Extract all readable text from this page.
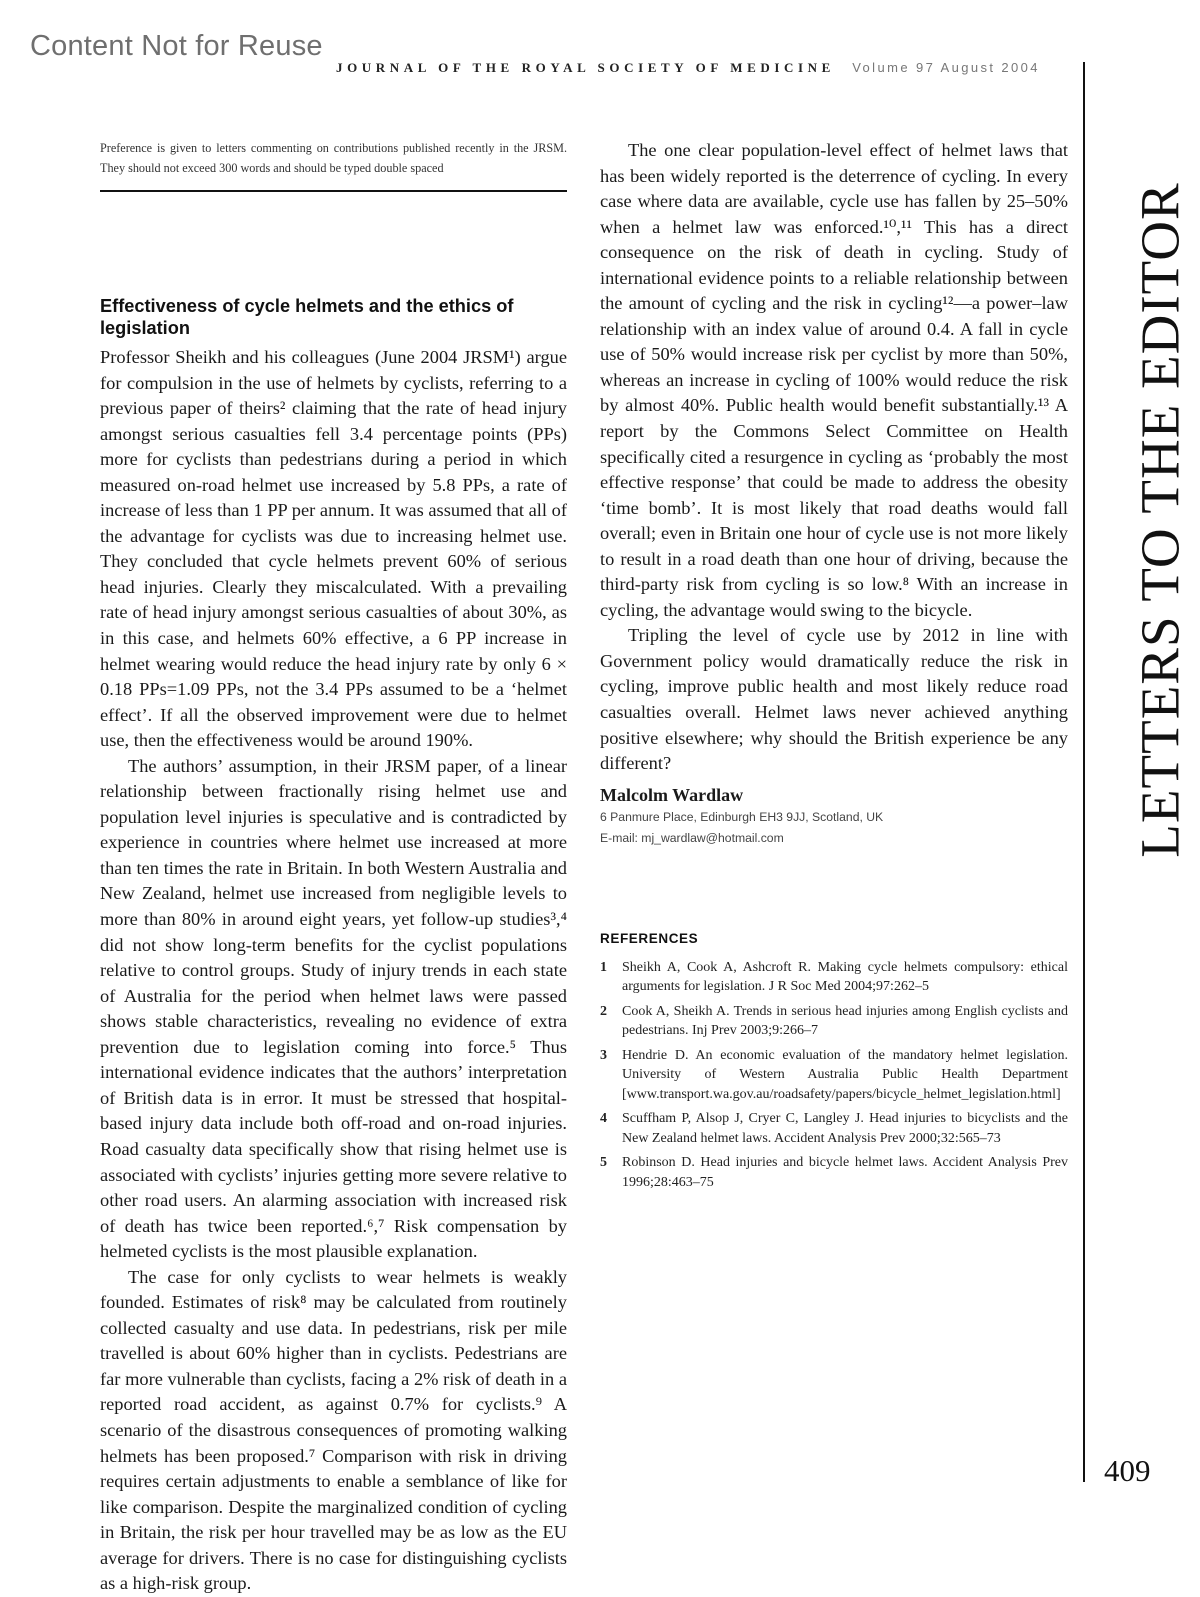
Content Not for Reuse
JOURNAL OF THE ROYAL SOCIETY OF MEDICINE Volume 97 August 2004
LETTERS TO THE EDITOR
409

Preference is given to letters commenting on contributions published recently in the JRSM. They should not exceed 300 words and should be typed double spaced

Effectiveness of cycle helmets and the ethics of legislation

Professor Sheikh and his colleagues (June 2004 JRSM¹) argue for compulsion in the use of helmets by cyclists, referring to a previous paper of theirs² claiming that the rate of head injury amongst serious casualties fell 3.4 percentage points (PPs) more for cyclists than pedestrians during a period in which measured on-road helmet use increased by 5.8 PPs, a rate of increase of less than 1 PP per annum. It was assumed that all of the advantage for cyclists was due to increasing helmet use. They concluded that cycle helmets prevent 60% of serious head injuries. Clearly they miscalculated. With a prevailing rate of head injury amongst serious casualties of about 30%, as in this case, and helmets 60% effective, a 6 PP increase in helmet wearing would reduce the head injury rate by only 6 × 0.18 PPs=1.09 PPs, not the 3.4 PPs assumed to be a ‘helmet effect’. If all the observed improvement were due to helmet use, then the effectiveness would be around 190%.

The authors’ assumption, in their JRSM paper, of a linear relationship between fractionally rising helmet use and population level injuries is speculative and is contradicted by experience in countries where helmet use increased at more than ten times the rate in Britain. In both Western Australia and New Zealand, helmet use increased from negligible levels to more than 80% in around eight years, yet follow-up studies³,⁴ did not show long-term benefits for the cyclist populations relative to control groups. Study of injury trends in each state of Australia for the period when helmet laws were passed shows stable characteristics, revealing no evidence of extra prevention due to legislation coming into force.⁵ Thus international evidence indicates that the authors’ interpretation of British data is in error. It must be stressed that hospital-based injury data include both off-road and on-road injuries. Road casualty data specifically show that rising helmet use is associated with cyclists’ injuries getting more severe relative to other road users. An alarming association with increased risk of death has twice been reported.⁶,⁷ Risk compensation by helmeted cyclists is the most plausible explanation.

The case for only cyclists to wear helmets is weakly founded. Estimates of risk⁸ may be calculated from routinely collected casualty and use data. In pedestrians, risk per mile travelled is about 60% higher than in cyclists. Pedestrians are far more vulnerable than cyclists, facing a 2% risk of death in a reported road accident, as against 0.7% for cyclists.⁹ A scenario of the disastrous consequences of promoting walking helmets has been proposed.⁷ Comparison with risk in driving requires certain adjustments to enable a semblance of like for like comparison. Despite the marginalized condition of cycling in Britain, the risk per hour travelled may be as low as the EU average for drivers. There is no case for distinguishing cyclists as a high-risk group.

The one clear population-level effect of helmet laws that has been widely reported is the deterrence of cycling. In every case where data are available, cycle use has fallen by 25–50% when a helmet law was enforced.¹⁰,¹¹ This has a direct consequence on the risk of death in cycling. Study of international evidence points to a reliable relationship between the amount of cycling and the risk in cycling¹²—a power–law relationship with an index value of around 0.4. A fall in cycle use of 50% would increase risk per cyclist by more than 50%, whereas an increase in cycling of 100% would reduce the risk by almost 40%. Public health would benefit substantially.¹³ A report by the Commons Select Committee on Health specifically cited a resurgence in cycling as ‘probably the most effective response’ that could be made to address the obesity ‘time bomb’. It is most likely that road deaths would fall overall; even in Britain one hour of cycle use is not more likely to result in a road death than one hour of driving, because the third-party risk from cycling is so low.⁸ With an increase in cycling, the advantage would swing to the bicycle.

Tripling the level of cycle use by 2012 in line with Government policy would dramatically reduce the risk in cycling, improve public health and most likely reduce road casualties overall. Helmet laws never achieved anything positive elsewhere; why should the British experience be any different?

Malcolm Wardlaw
6 Panmure Place, Edinburgh EH3 9JJ, Scotland, UK
E-mail: mj_wardlaw@hotmail.com
REFERENCES
1	Sheikh A, Cook A, Ashcroft R. Making cycle helmets compulsory: ethical arguments for legislation. J R Soc Med 2004;97:262–5
2	Cook A, Sheikh A. Trends in serious head injuries among English cyclists and pedestrians. Inj Prev 2003;9:266–7
3	Hendrie D. An economic evaluation of the mandatory helmet legislation. University of Western Australia Public Health Department [www.transport.wa.gov.au/roadsafety/papers/bicycle_helmet_legislation.html]
4	Scuffham P, Alsop J, Cryer C, Langley J. Head injuries to bicyclists and the New Zealand helmet laws. Accident Analysis Prev 2000;32:565–73
5	Robinson D. Head injuries and bicycle helmet laws. Accident Analysis Prev 1996;28:463–75
